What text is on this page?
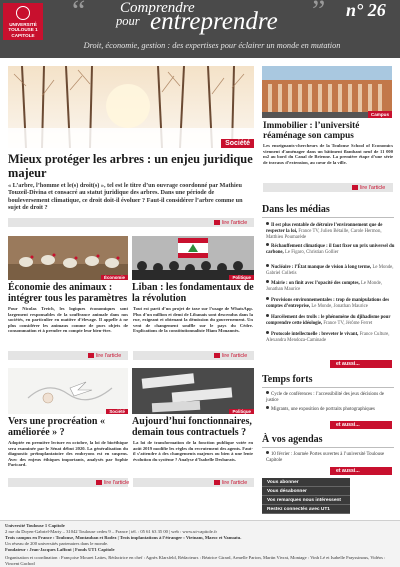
UNIVERSITÉ
TOULOUSE 1
CAPITOLE
“ Comprendre
pour entreprendre ” n° 26
Droit, économie, gestion : des expertises pour éclairer un monde en mutation
Société
Mieux protéger les arbres : un enjeu juridique majeur
« L’arbre, l’homme et le(s) droit(s) », tel est le titre d’un ouvrage coordonné par Mathieu Touzeil-Divina et consacré au statut juridique des arbres. Dans une période de bouleversement climatique, ce droit doit-il évoluer ? Faut-il considérer l’arbre comme un sujet de droit ?
lire l'article
Campus
Immobilier : l’université réaménage son campus
Les enseignants-chercheurs de la Toulouse School of Economics viennent d’aménager dans un bâtiment flambant neuf de 11 000 m2 au bord du Canal de Brienne. La première étape d’une série de travaux d’extension, au cœur de la ville.
lire l'article
Économie	Politique
Économie des animaux : intégrer tous les paramètres
Liban : les fondamentaux de la révolution
Pour Nicolas Treich, les logiques économiques sont largement responsables de la souffrance animale dans nos sociétés, en particulier en matière d’élevage. Il appelle à ne plus considérer les animaux comme de purs objets de consommation et à prendre en compte leur bien-être.
Tout est parti d’un projet de taxe sur l’usage de WhatsApp. Plus d’un million et demi de Libanais sont descendus dans la rue, exigeant et obtenant la démission du gouvernement. Un vent de changement souffle sur le pays du Cèdre. Explications de la constitutionnaliste Hiam Mouannès.
lire l'article	lire l'article
Société	Politique
Vers une procréation « améliorée » ?
Aujourd’hui fonctionnaires, demain tous contractuels ?
Adoptée en première lecture en octobre, la loi de bioéthique sera examinée par le Sénat début 2020. La généralisation du diagnostic préimplantatoire des embryons est en suspens. Avec des enjeux éthiques importants, analysés par Sophie Paricard.
La loi de transformation de la fonction publique votée en août 2019 modifie les règles du recrutement des agents. Faut-il s’attendre à des changements majeurs ou bien à une lente évolution du système ? Analyse d’Isabelle Desbarats.
lire l'article	lire l'article
Dans les médias
Il est plus rentable de détruire l’environnement que de respecter la loi, France TV, Julien Bétaille, Carole Hermon, Matthieu Poumarède
Réchauffement climatique : il faut fixer un prix universel du carbone, Le Figaro, Christian Gollier
Nucléaire : l’État manque de vision à long terme, Le Monde, Gabriel Colletis
Mairie : on finit avec l’opacité des comptes, Le Monde, Jonathan Maurice
Provisions environnementales : trop de manipulations des comptes d’entreprise, Le Monde, Jonathan Maurice
Harcèlement des trolls : le phénomène du djihadisme pour comprendre cette idéologie, France TV, Jérôme Ferret
Protocole intellectuelle : breveter le vivant, France Culture, Alexandra Mendoza-Caminade
et aussi...
Temps forts
Cycle de conférences : l’accessibilité des jeux décisions de justice
Migrants, une exposition de portraits photographiques
et aussi...
À vos agendas
10 février : Journée Portes ouvertes à l’université Toulouse Capitole
et aussi...
Vous abonner
Vous désabonner
Vos remarques nous intéressent
Restez connectés avec UT1
Université Toulouse 1 Capitole
2 rue du Doyen-Gabriel-Marty – 31042 Toulouse cedex 9 – France | tél. : 05 61 63 35 00 | web : www.ut-capitole.fr
Trois campus en France : Toulouse, Montauban et Rodez | Trois implantations à l’étranger : Vietnam, Maroc et Vanuatu.
Un réseau de 200 universités partenaires dans le monde.
Fondateur : Jean-Jacques Laffont | Fonds UT1 Capitole
Organisation et coordination : Françoise Mouret Lattes, Rédactrice en chef : Agnès Klarsfeld, Rédacteurs : Béatrice Girard, Armelle Parion, Martin Vivrat, Montage : Vinh Lé et Isabelle Frayssinous, Vidéos : Vincent Gachod
